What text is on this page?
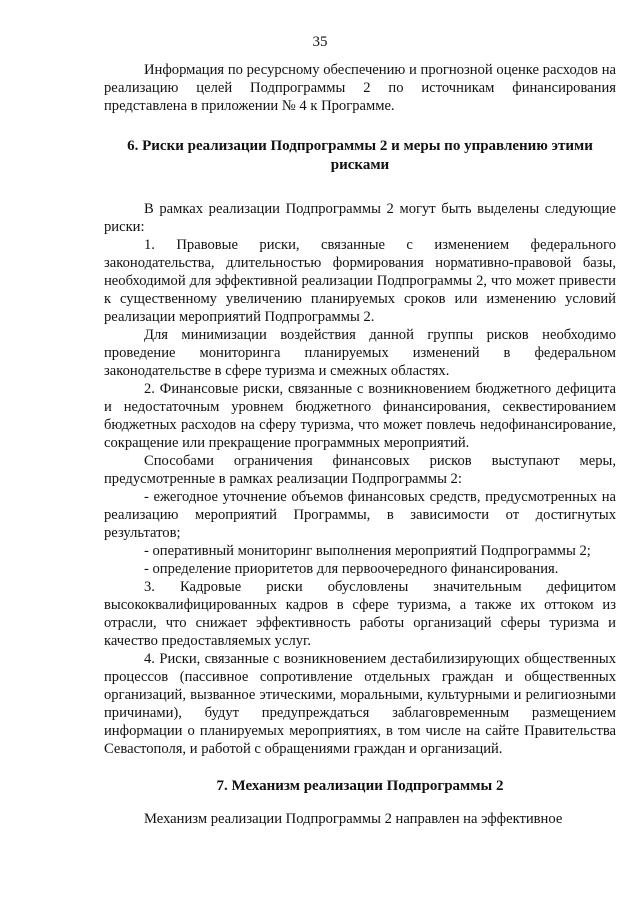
35

Информация по ресурсному обеспечению и прогнозной оценке расходов на реализацию целей Подпрограммы 2 по источникам финансирования представлена в приложении № 4 к Программе.

6. Риски реализации Подпрограммы 2 и меры по управлению этими рисками

В рамках реализации Подпрограммы 2 могут быть выделены следующие риски:

1. Правовые риски, связанные с изменением федерального законодательства, длительностью формирования нормативно-правовой базы, необходимой для эффективной реализации Подпрограммы 2, что может привести к существенному увеличению планируемых сроков или изменению условий реализации мероприятий Подпрограммы 2.

Для минимизации воздействия данной группы рисков необходимо проведение мониторинга планируемых изменений в федеральном законодательстве в сфере туризма и смежных областях.

2. Финансовые риски, связанные с возникновением бюджетного дефицита и недостаточным уровнем бюджетного финансирования, секвестированием бюджетных расходов на сферу туризма, что может повлечь недофинансирование, сокращение или прекращение программных мероприятий.

Способами ограничения финансовых рисков выступают меры, предусмотренные в рамках реализации Подпрограммы 2:

- ежегодное уточнение объемов финансовых средств, предусмотренных на реализацию мероприятий Программы, в зависимости от достигнутых результатов;

- оперативный мониторинг выполнения мероприятий Подпрограммы 2;

- определение приоритетов для первоочередного финансирования.

3. Кадровые риски обусловлены значительным дефицитом высококвалифицированных кадров в сфере туризма, а также их оттоком из отрасли, что снижает эффективность работы организаций сферы туризма и качество предоставляемых услуг.

4. Риски, связанные с возникновением дестабилизирующих общественных процессов (пассивное сопротивление отдельных граждан и общественных организаций, вызванное этическими, моральными, культурными и религиозными причинами), будут предупреждаться заблаговременным размещением информации о планируемых мероприятиях, в том числе на сайте Правительства Севастополя, и работой с обращениями граждан и организаций.

7. Механизм реализации Подпрограммы 2

Механизм реализации Подпрограммы 2 направлен на эффективное
